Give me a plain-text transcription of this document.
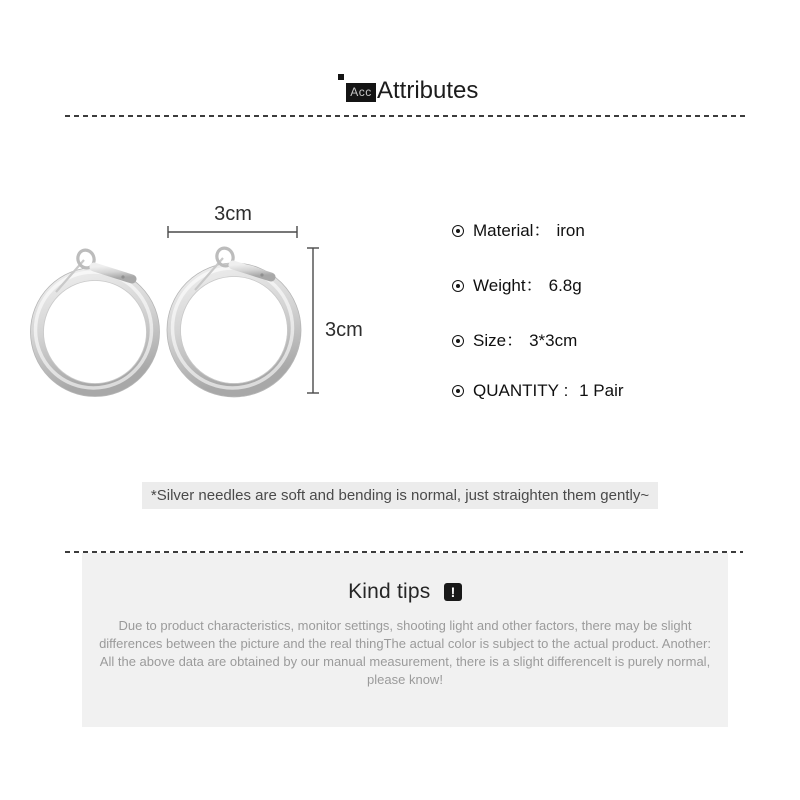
Acc Attributes
3cm
3cm
Material ： iron
Weight ： 6.8g
Size ： 3*3cm
QUANTITY : 1 Pair
*Silver needles are soft and bending is normal, just straighten them gently~
Kind tips !

Due to product characteristics, monitor settings, shooting light and other factors, there may be slight differences between the picture and the real thingThe actual color is subject to the actual product. Another: All the above data are obtained by our manual measurement, there is a slight differenceIt is purely normal, please know!
